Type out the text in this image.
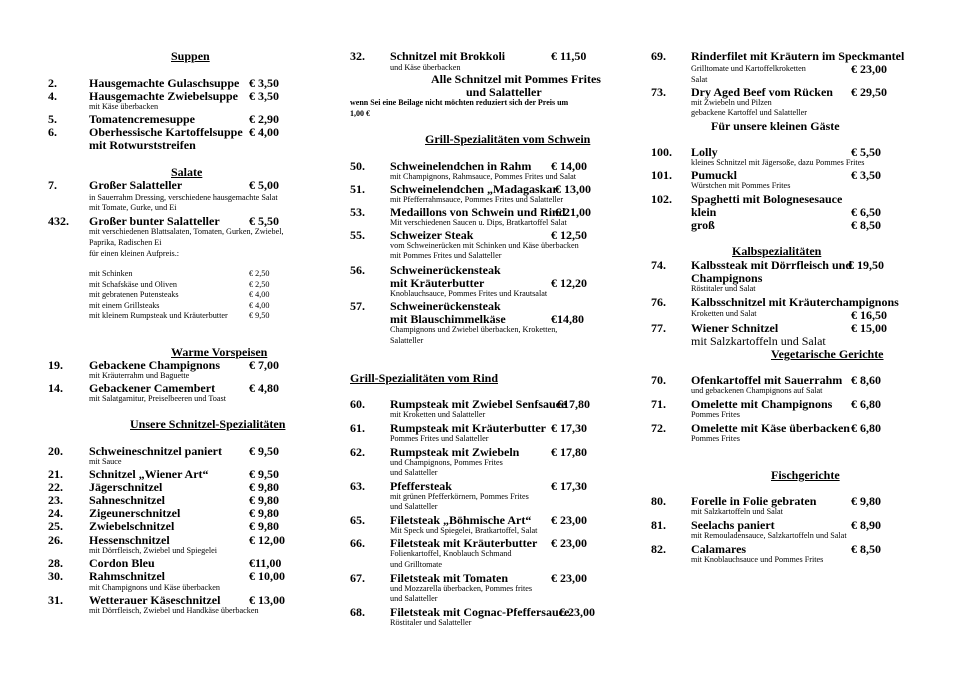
Suppen
2.	Hausgemachte Gulaschsuppe € 3,50
4.	Hausgemachte Zwiebelsuppe € 3,50
mit Käse überbacken
5.	Tomatencremesuppe	€ 2,90
6.	Oberhessische Kartoffelsuppe € 4,00
mit Rotwurststreifen
Salate
7.	Großer Salatteller	€ 5,00
in Sauerrahm Dressing, verschiedene hausgemachte Salat
mit Tomate, Gurke, und Ei
432. Großer bunter Salatteller € 5,50
mit verschiedenen Blattsalaten, Tomaten, Gurken, Zwiebel,
Paprika, Radischen Ei
für einen kleinen Aufpreis.:
mit Schinken	€ 2,50
mit Schafskäse und Oliven	€ 2,50
mit gebratenen Putensteaks	€ 4,00
mit einem Grillsteaks	€ 4,00
mit kleinem Rumpsteak und Kräuterbutter	€ 9,50
Warme Vorspeisen
19. Gebackene Champignons € 7,00
mit Kräuterrahm und Baguette
14. Gebackener Camembert	€ 4,80
mit Salatgarnitur, Preiselbeeren und Toast
Unsere Schnitzel-Spezialitäten
20. Schweineschnitzel paniert € 9,50
mit Sauce
21. Schnitzel „Wiener Art“	€ 9,50
22. Jägerschnitzel	€ 9,80
23. Sahneschnitzel	€ 9,80
24. Zigeunerschnitzel	€ 9,80
25. Zwiebelschnitzel	€ 9,80
26. Hessenschnitzel	€ 12,00
mit Dörrfleisch, Zwiebel und Spiegelei
28. Cordon Bleu	€11,00
30. Rahmschnitzel	€ 10,00
mit Champignons und Käse überbacken
31. Wetterauer Käseschnitzel € 13,00
mit Dörrfleisch, Zwiebel und Handkäse überbacken
32. Schnitzel mit Brokkoli	€ 11,50
und Käse überbacken
Alle Schnitzel mit Pommes Frites
und Salatteller
wenn Sei eine Beilage nicht möchten reduziert sich der Preis um
1,00 €
Grill-Spezialitäten vom Schwein
50. Schweinelendchen in Rahm € 14,00
mit Champignons, Rahmsauce, Pommes Frites und Salat
51. Schweinelendchen „Madagaskar
€ 13,00
mit Pfefferrahmsauce, Pommes Frites und Salatteller
53. Medaillons von Schwein und Rind
€ 21,00
Mit verschiedenen Saucen u. Dips, Bratkartoffel Salat
55. Schweizer Steak	€ 12,50
vom Schweinerücken mit Schinken und Käse überbacken
mit Pommes Frites und Salatteller
56. Schweinerückensteak
mit Kräuterbutter	€ 12,20
Knoblauchsauce, Pommes Frites und Krautsalat
57. Schweinerückensteak
mit Blauschimmelkäse	€14,80
Champignons und Zwiebel überbacken, Kroketten,
Salatteller
Grill-Spezialitäten vom Rind
60. Rumpsteak mit Zwiebel Senfsauce
€17,80
mit Kroketten und Salatteller
61. Rumpsteak mit Kräuterbutter € 17,30
Pommes Frites und Salatteller
62. Rumpsteak mit Zwiebeln	€ 17,80
und Champignons, Pommes Frites
und Salatteller
63. Pfeffersteak	€ 17,30
mit grünen Pfefferkörnern, Pommes Frites
und Salatteller
65. Filetsteak „Böhmische Art“ € 23,00
Mit Speck und Spiegelei, Bratkartoffel, Salat
66. Filetsteak mit Kräuterbutter € 23,00
Folienkartoffel, Knoblauch Schmand
und Grilltomate
67. Filetsteak mit Tomaten	€ 23,00
und Mozzarella überbacken, Pommes frites
und Salatteller
68. Filetsteak mit Cognac-Pfeffersauce
€ 23,00
Röstitaler und Salatteller
69. Rinderfilet mit Kräutern im Speckmantel
Grilltomate und Kartoffelkroketten	€ 23,00
Salat
73. Dry Aged Beef vom Rücken € 29,50
mit Zwiebeln und Pilzen
gebackene Kartoffel und Salatteller
Für unsere kleinen Gäste
100. Lolly	€ 5,50
kleines Schnitzel mit Jägersoße, dazu Pommes Frites
101. Pumuckl	€ 3,50
Würstchen mit Pommes Frites
102. Spaghetti mit Bolognesesauce
klein	€ 6,50
groß	€ 8,50
Kalbspezialitäten
74. Kalbssteak mit Dörrfleisch und
€ 19,50
Champignons
Röstitaler und Salat
76. Kalbsschnitzel mit Kräuterchampignons
Kroketten und Salat	€ 16,50
77. Wiener Schnitzel	€ 15,00
mit Salzkartoffeln und Salat
Vegetarische Gerichte
70. Ofenkartoffel mit Sauerrahm € 8,60
und gebackenen Champignons auf Salat
71. Omelette mit Champignons € 6,80
Pommes Frites
72. Omelette mit Käse überbacken € 6,80
Pommes Frites
Fischgerichte
80. Forelle in Folie gebraten	€ 9,80
mit Salzkartoffeln und Salat
81. Seelachs paniert	€ 8,90
mit Remouladensauce, Salzkartoffeln und Salat
82. Calamares	€ 8,50
mit Knoblauchsauce und Pommes Frites
